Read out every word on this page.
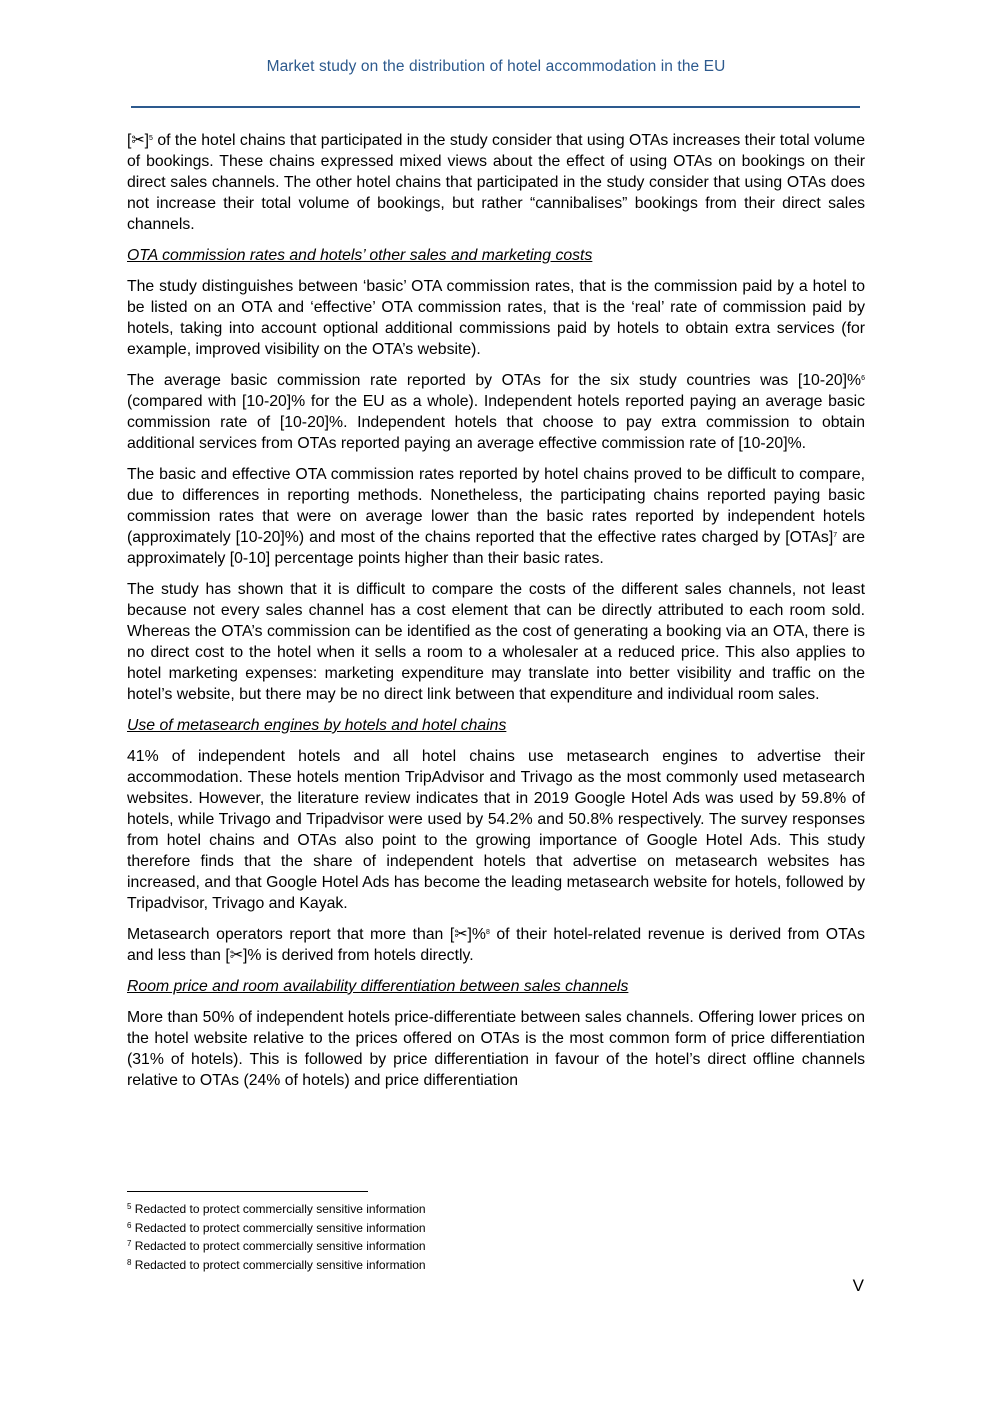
Market study on the distribution of hotel accommodation in the EU

[✂]$^5$ of the hotel chains that participated in the study consider that using OTAs increases their total volume of bookings. These chains expressed mixed views about the effect of using OTAs on bookings on their direct sales channels. The other hotel chains that participated in the study consider that using OTAs does not increase their total volume of bookings, but rather “cannibalises” bookings from their direct sales channels.

OTA commission rates and hotels’ other sales and marketing costs

The study distinguishes between ‘basic’ OTA commission rates, that is the commission paid by a hotel to be listed on an OTA and ‘effective’ OTA commission rates, that is the ‘real’ rate of commission paid by hotels, taking into account optional additional commissions paid by hotels to obtain extra services (for example, improved visibility on the OTA’s website).

The average basic commission rate reported by OTAs for the six study countries was [10-20]%$^6$ (compared with [10-20]% for the EU as a whole). Independent hotels reported paying an average basic commission rate of [10-20]%. Independent hotels that choose to pay extra commission to obtain additional services from OTAs reported paying an average effective commission rate of [10-20]%.

The basic and effective OTA commission rates reported by hotel chains proved to be difficult to compare, due to differences in reporting methods. Nonetheless, the participating chains reported paying basic commission rates that were on average lower than the basic rates reported by independent hotels (approximately [10-20]%) and most of the chains reported that the effective rates charged by [OTAs]$^7$ are approximately [0-10] percentage points higher than their basic rates.

The study has shown that it is difficult to compare the costs of the different sales channels, not least because not every sales channel has a cost element that can be directly attributed to each room sold. Whereas the OTA’s commission can be identified as the cost of generating a booking via an OTA, there is no direct cost to the hotel when it sells a room to a wholesaler at a reduced price. This also applies to hotel marketing expenses: marketing expenditure may translate into better visibility and traffic on the hotel’s website, but there may be no direct link between that expenditure and individual room sales.

Use of metasearch engines by hotels and hotel chains

41% of independent hotels and all hotel chains use metasearch engines to advertise their accommodation. These hotels mention TripAdvisor and Trivago as the most commonly used metasearch websites. However, the literature review indicates that in 2019 Google Hotel Ads was used by 59.8% of hotels, while Trivago and Tripadvisor were used by 54.2% and 50.8% respectively. The survey responses from hotel chains and OTAs also point to the growing importance of Google Hotel Ads. This study therefore finds that the share of independent hotels that advertise on metasearch websites has increased, and that Google Hotel Ads has become the leading metasearch website for hotels, followed by Tripadvisor, Trivago and Kayak.

Metasearch operators report that more than [✂]%$^8$ of their hotel-related revenue is derived from OTAs and less than [✂]% is derived from hotels directly.

Room price and room availability differentiation between sales channels

More than 50% of independent hotels price-differentiate between sales channels. Offering lower prices on the hotel website relative to the prices offered on OTAs is the most common form of price differentiation (31% of hotels). This is followed by price differentiation in favour of the hotel’s direct offline channels relative to OTAs (24% of hotels) and price differentiation

$^5$ Redacted to protect commercially sensitive information
$^6$ Redacted to protect commercially sensitive information
$^7$ Redacted to protect commercially sensitive information
$^8$ Redacted to protect commercially sensitive information
V
